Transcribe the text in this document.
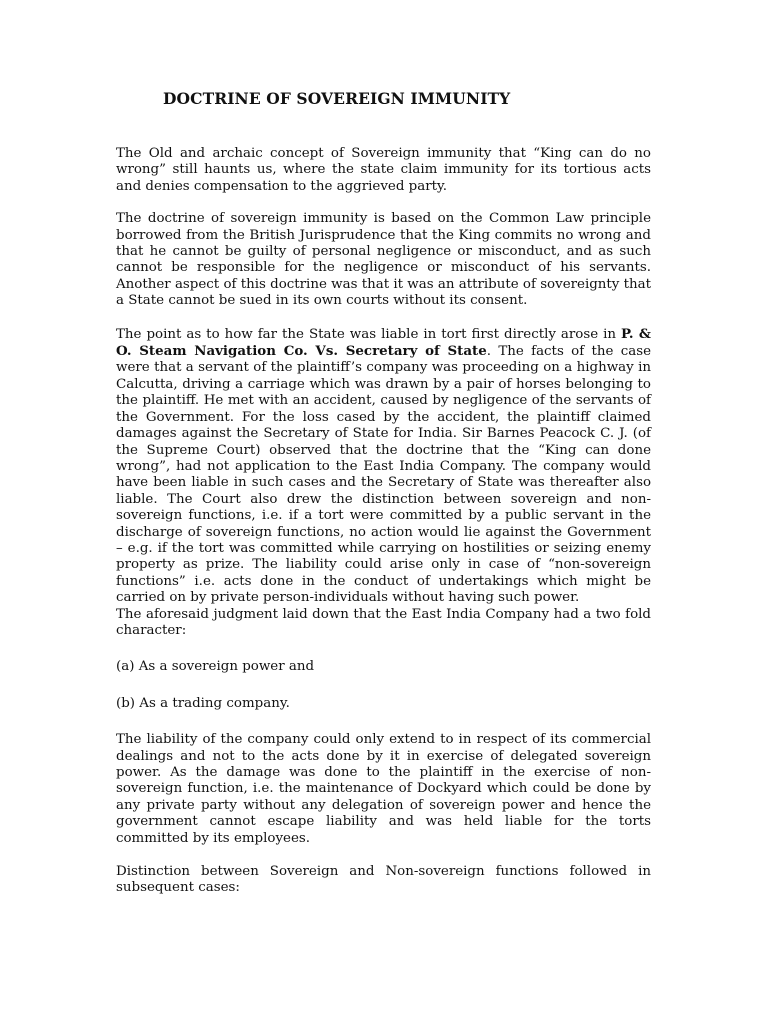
DOCTRINE OF SOVEREIGN IMMUNITY

The Old and archaic concept of Sovereign immunity that “King can do no wrong” still haunts us, where the state claim immunity for its tortious acts and denies compensation to the aggrieved party.

The doctrine of sovereign immunity is based on the Common Law principle borrowed from the British Jurisprudence that the King commits no wrong and that he cannot be guilty of personal negligence or misconduct, and as such cannot be responsible for the negligence or misconduct of his servants. Another aspect of this doctrine was that it was an attribute of sovereignty that a State cannot be sued in its own courts without its consent.

The point as to how far the State was liable in tort first directly arose in P. & O. Steam Navigation Co. Vs. Secretary of State. The facts of the case were that a servant of the plaintiff’s company was proceeding on a highway in Calcutta, driving a carriage which was drawn by a pair of horses belonging to the plaintiff. He met with an accident, caused by negligence of the servants of the Government. For the loss cased by the accident, the plaintiff claimed damages against the Secretary of State for India. Sir Barnes Peacock C. J. (of the Supreme Court) observed that the doctrine that the “King can done wrong”, had not application to the East India Company. The company would have been liable in such cases and the Secretary of State was thereafter also liable. The Court also drew the distinction between sovereign and non-sovereign functions, i.e. if a tort were committed by a public servant in the discharge of sovereign functions, no action would lie against the Government – e.g. if the tort was committed while carrying on hostilities or seizing enemy property as prize. The liability could arise only in case of “non-sovereign functions” i.e. acts done in the conduct of undertakings which might be carried on by private person-individuals without having such power.

The aforesaid judgment laid down that the East India Company had a two fold character:

(a) As a sovereign power and

(b) As a trading company.

The liability of the company could only extend to in respect of its commercial dealings and not to the acts done by it in exercise of delegated sovereign power. As the damage was done to the plaintiff in the exercise of non-sovereign function, i.e. the maintenance of Dockyard which could be done by any private party without any delegation of sovereign power and hence the government cannot escape liability and was held liable for the torts committed by its employees.

Distinction between Sovereign and Non-sovereign functions followed in subsequent cases:
